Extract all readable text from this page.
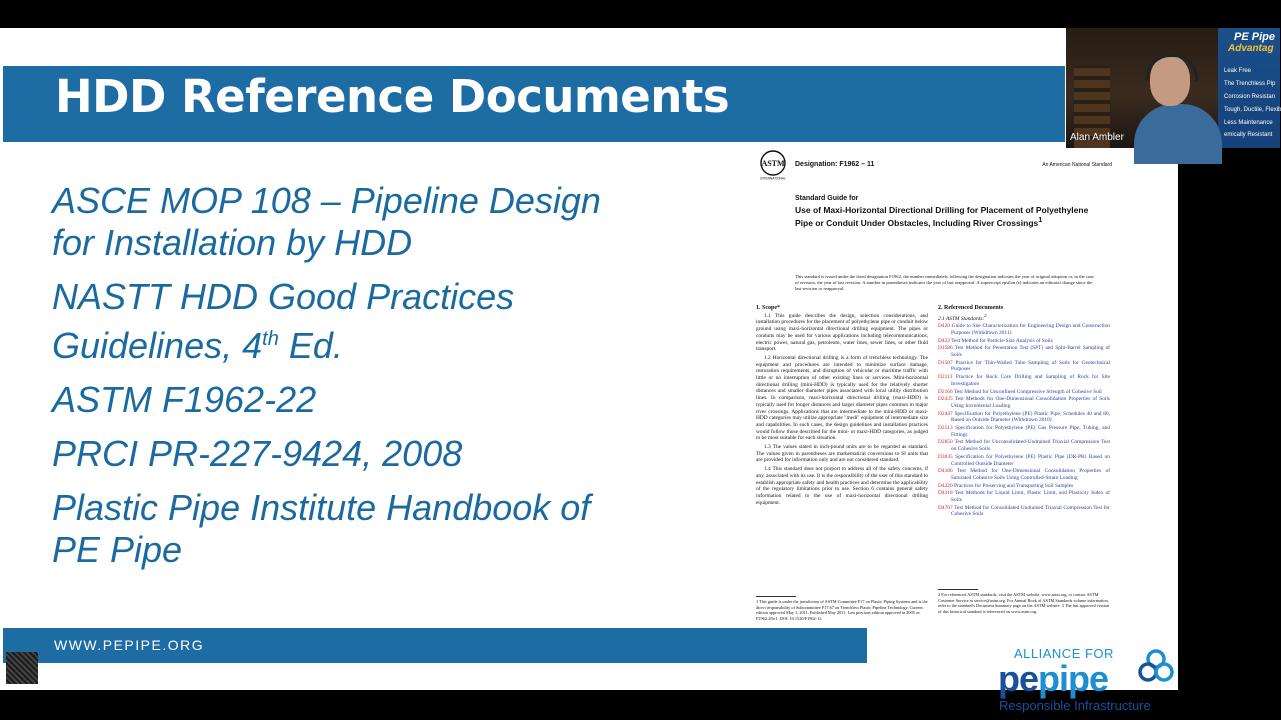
HDD Reference Documents
ASCE MOP 108 – Pipeline Design
for Installation by HDD
NASTT HDD Good Practices
Guidelines, 4th Ed.
ASTM F1962-22
PRCI PR-227-9424, 2008
Plastic Pipe Institute Handbook of
PE Pipe
WWW.PEPIPE.ORG
ASTM
INTERNATIONAL
Designation: F1962 – 11	An American National Standard
Standard Guide for
Use of Maxi-Horizontal Directional Drilling for Placement of Polyethylene Pipe or Conduit Under Obstacles, Including River Crossings$^1$
This standard is issued under the fixed designation F1962; the number immediately following the designation indicates the year of original adoption or, in the case of revision, the year of last revision. A number in parentheses indicates the year of last reapproval. A superscript epsilon (ε) indicates an editorial change since the last revision or reapproval.
1. Scope*

1.1 This guide describes the design, selection considerations, and installation procedures for the placement of polyethylene pipe or conduit below ground using maxi-horizontal directional drilling equipment. The pipes or conduits may be used for various applications including telecommunications, electric power, natural gas, petroleum, water lines, sewer lines, or other fluid transport.

1.2 Horizontal directional drilling is a form of trenchless technology. The equipment and procedures are intended to minimize surface damage, restoration requirements, and disruption of vehicular or maritime traffic with little or no interruption of other existing lines or services. Mini-horizontal directional drilling (mini-HDD) is typically used for the relatively shorter distances and smaller diameter pipes associated with local utility distribution lines. In comparison, maxi-horizontal directional drilling (maxi-HDD) is typically used for longer distances and larger diameter pipes common in major river crossings. Applications that are intermediate to the mini-HDD or maxi-HDD categories may utilize appropriate "medi" equipment of intermediate size and capabilities. In such cases, the design guidelines and installation practices would follow those described for the mini- or maxi-HDD categories, as judged to be most suitable for each situation.

1.3 The values stated in inch-pound units are to be regarded as standard. The values given in parentheses are mathematical conversions to SI units that are provided for information only and are not considered standard.

1.4 This standard does not purport to address all of the safety concerns, if any, associated with its use. It is the responsibility of the user of this standard to establish appropriate safety and health practices and determine the applicability of the regulatory limitations prior to use. Section 6 contains general safety information related to the use of maxi-horizontal directional drilling equipment.

2. Referenced Documents
2.1 ASTM Standards:$^2$
D420 Guide to Site Characterization for Engineering Design and Construction Purposes (Withdrawn 2011)
D422 Test Method for Particle-Size Analysis of Soils
D1586 Test Method for Penetration Test (SPT) and Split-Barrel Sampling of Soils
D1587 Practice for Thin-Walled Tube Sampling of Soils for Geotechnical Purposes
D2113 Practice for Rock Core Drilling and Sampling of Rock for Site Investigation
D2166 Test Method for Unconfined Compressive Strength of Cohesive Soil
D2435 Test Methods for One-Dimensional Consolidation Properties of Soils Using Incremental Loading
D2447 Specification for Polyethylene (PE) Plastic Pipe, Schedules 40 and 80, Based on Outside Diameter (Withdrawn 2010)
D2513 Specification for Polyethylene (PE) Gas Pressure Pipe, Tubing, and Fittings
D2850 Test Method for Unconsolidated-Undrained Triaxial Compression Test on Cohesive Soils
D3035 Specification for Polyethylene (PE) Plastic Pipe (DR-PR) Based on Controlled Outside Diameter
D4186 Test Method for One-Dimensional Consolidation Properties of Saturated Cohesive Soils Using Controlled-Strain Loading
D4220 Practices for Preserving and Transporting Soil Samples
D4318 Test Methods for Liquid Limit, Plastic Limit, and Plasticity Index of Soils
D4767 Test Method for Consolidated Undrained Triaxial Compression Test for Cohesive Soils
1 This guide is under the jurisdiction of ASTM Committee F17 on Plastic Piping Systems and is the direct responsibility of Subcommittee F17.67 on Trenchless Plastic Pipeline Technology. Current edition approved May 1, 2011. Published May 2011. Last previous edition approved in 2005 as F1962–05e1. DOI: 10.1520/F1962-11.
2 For referenced ASTM standards, visit the ASTM website, www.astm.org, or contact ASTM Customer Service at service@astm.org. For Annual Book of ASTM Standards volume information, refer to the standard's Document Summary page on the ASTM website. 3 The last approved version of this historical standard is referenced on www.astm.org.
ALLIANCE FOR
pepipe
Responsible Infrastructure
PE Pipe
Advantag
Leak Free
The Trenchless Pip
Corrosion Resistan
Tough, Ductile, Flexib
Less Maintenance
emically Resistant
Alan Ambler
